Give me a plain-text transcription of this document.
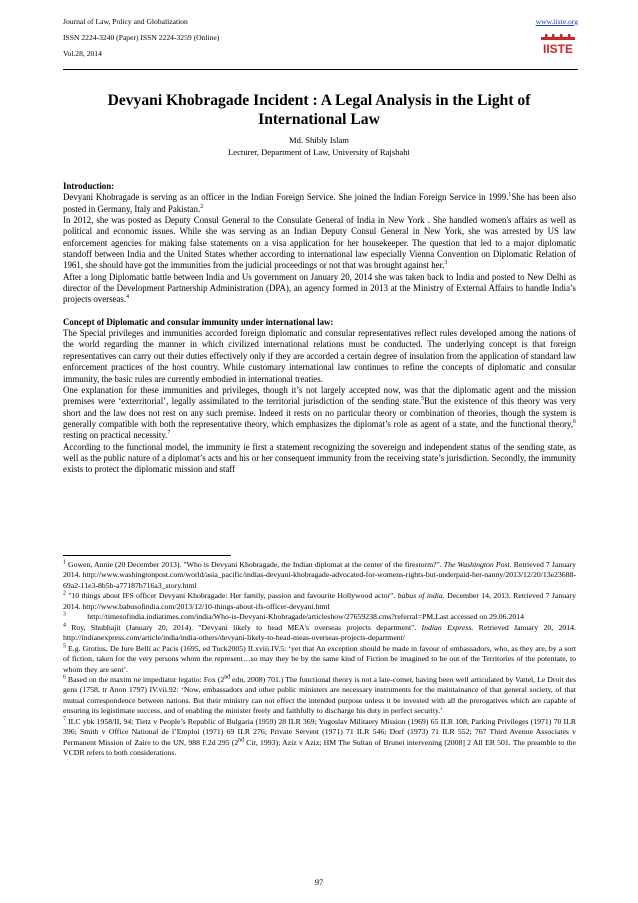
Journal of Law, Policy and Globalization
ISSN 2224-3240 (Paper) ISSN 2224-3259 (Online)
Vol.28, 2014
www.iiste.org
IISTE
Devyani Khobragade Incident : A Legal Analysis in the Light of International Law
Md. Shibly Islam
Lecturer, Department of Law, University of Rajshahi

Introduction:

Devyani Khobragade is serving as an officer in the Indian Foreign Service. She joined the Indian Foreign Service in 1999.$^1$She has been also posted in Germany, Italy and Pakistan.$^2$

In 2012, she was posted as Deputy Consul General to the Consulate General of India in New York . She handled women's affairs as well as political and economic issues. While she was serving as an Indian Deputy Consul General in New York, she was arrested by US law enforcement agencies for making false statements on a visa application for her housekeeper. The question that led to a major diplomatic standoff between India and the United States whether according to international law especially Vienna Convention on Diplomatic Relation of 1961, she should have got the immunities from the judicial proceedings or not that was brought against her.$^3$

After a long Diplomatic battle between India and Us government on January 20, 2014 she was taken back to India and posted to New Delhi as director of the Development Partnership Administration (DPA), an agency formed in 2013 at the Ministry of External Affairs to handle India’s projects overseas.$^4$

Concept of Diplomatic and consular immunity under international law:

The Special privileges and immunities accorded foreign diplomatic and consular representatives reflect rules developed among the nations of the world regarding the manner in which civilized international relations must be conducted. The underlying concept is that foreign representatives can carry out their duties effectively only if they are accorded a certain degree of insulation from the application of standard law enforcement practices of the host country. While customary international law continues to refine the concepts of diplomatic and consular immunity, the basic rules are currently embodied in international treaties.

One explanation for these immunities and privileges, though it’s not largely accepted now, was that the diplomatic agent and the mission premises were ‘exterritorial’, legally assimilated to the territorial jurisdiction of the sending state.$^5$But the existence of this theory was very short and the law does not rest on any such premise. Indeed it rests on no particular theory or combination of theories, though the system is generally compatible with both the representative theory, which emphasizes the diplomat’s role as agent of a state, and the functional theory,$^6$ resting on practical necessity.$^7$

According to the functional model, the immunity ie first a statement recognizing the sovereign and independent status of the sending state, as well as the public nature of a diplomat’s acts and his or her consequent immunity from the receiving state’s jurisdiction. Secondly, the immunity exists to protect the diplomatic mission and staff

$^1$ Gowen, Annie (20 December 2013). "Who is Devyani Khobragade, the Indian diplomat at the center of the firestorm?". The Washington Post. Retrieved 7 January 2014. http://www.washingtonpost.com/world/asia_pacific/indias-devyani-khobragade-advocated-for-womens-rights-but-underpaid-her-nanny/2013/12/20/13e23688-69a2-11e3-8b5b-a77187b716a3_story.html

$^2$ "10 things about IFS officer Devyani Khobragade: Her family, passion and favourite Hollywood actor". babus of india. December 14, 2013. Retrieved 7 January 2014. http://www.babusofindia.com/2013/12/10-things-about-ifs-officer-devyani.html

$^3$           http://timesofindia.indiatimes.com/india/Who-is-Devyani-Khobragade/articleshow/27659238.cms?referral=PM,Last accessed on 29.06.2014

$^4$ Roy, Shubhajit (January 20, 2014). "Devyani likely to head MEA's overseas projects department". Indian Express. Retrieved January 20, 2014. http://indianexpress.com/article/india/india-others/devyani-likely-to-head-meas-overseas-projects-department/

$^5$ E.g. Grotius, De Iure Belli ac Pacis (1695, ed Tuck2005) II.xviii.IV.5: ‘yet that An exception should be made in favour of embassadors, who, as they are, by a sort of fiction, taken for the very persons whom the represent…so may they be by the same kind of Fiction be imagined to be out of the Territories of the potentate, to whom they are sent’.

$^6$ Based on the maxim ne impediatur legatio: Fox (2nd edn, 2008) 701.) The functional theory is not a late-comer, having been well articulated by Vattel, Le Droit des gens (1758, tr Anon 1797) IV.vii.92: ‘Now, embassadors and other public ministers are necessary instruments for the maintainance of that general society, of that mutual correspondence between nations. But their ministry can not effect the intended purpose unless it be invested with all the prerogatives which are capable of ensuring its legistimate success, and of enabling the minister freely and faithfully to discharge his duty in perfect security.’

$^7$ ILC ybk 1958/II, 94; Tietz v People’s Republic of Bulgaria (1959) 28 ILR 369; Yugoslav Militaery Mission (1969) 65 ILR 108; Parking Privileges (1971) 70 ILR 396; Smith v Office National de l’Emploi (1971) 69 ILR 276; Private Servent (1971) 71 ILR 546; Dorf (1973) 71 ILR 552; 767 Third Avenue Associates v Permanent Mission of Zaire to the UN, 988 F.2d 295 (2nd Cir, 1993); Aziz v Aziz; HM The Sultan of Brunei intervening [2008] 2 All ER 501. The preamble to the VCDR refers to both considerations.

97
